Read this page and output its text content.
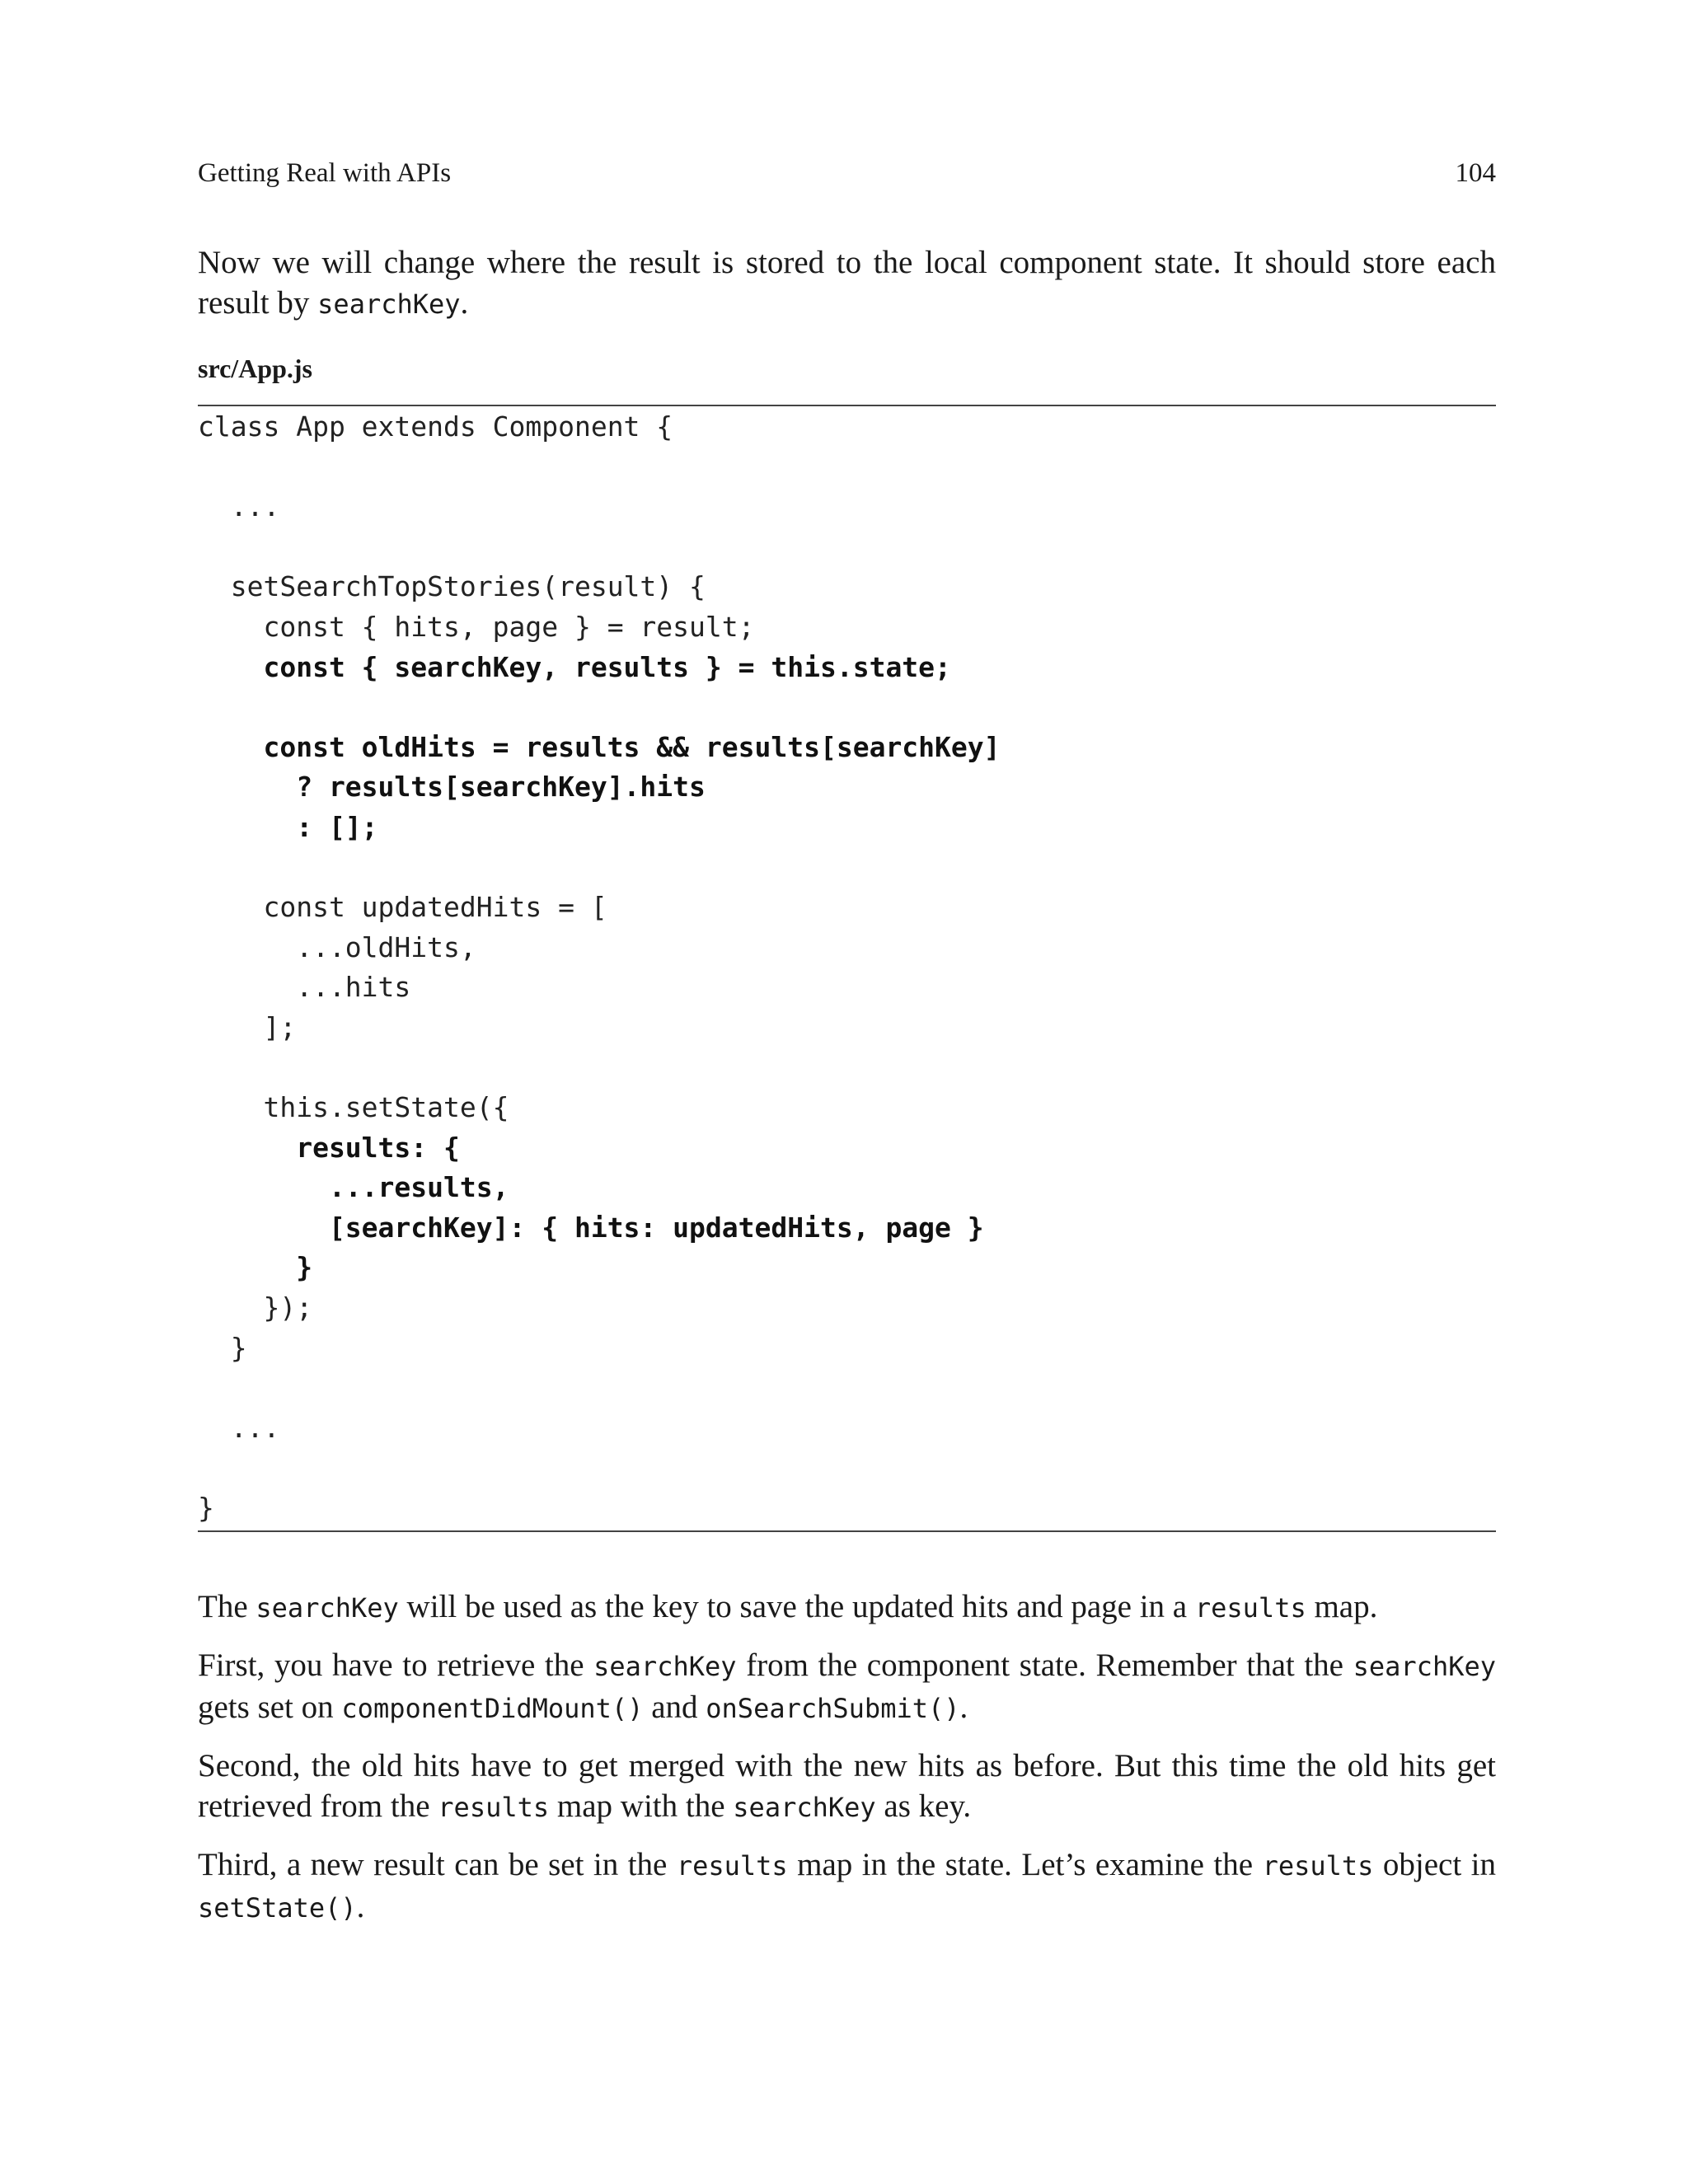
Getting Real with APIs	104

Now we will change where the result is stored to the local component state. It should store each result by searchKey.

src/App.js
class App extends Component {
...
setSearchTopStories(result) {
const { hits, page } = result;
const { searchKey, results } = this.state;
const oldHits = results && results[searchKey]
? results[searchKey].hits
: [];
const updatedHits = [
...oldHits,
...hits
];
this.setState({
results: {
...results,
[searchKey]: { hits: updatedHits, page }
}
});
}
...
}

The searchKey will be used as the key to save the updated hits and page in a results map.

First, you have to retrieve the searchKey from the component state. Remember that the searchKey gets set on componentDidMount() and onSearchSubmit().

Second, the old hits have to get merged with the new hits as before. But this time the old hits get retrieved from the results map with the searchKey as key.

Third, a new result can be set in the results map in the state. Let’s examine the results object in setState().
